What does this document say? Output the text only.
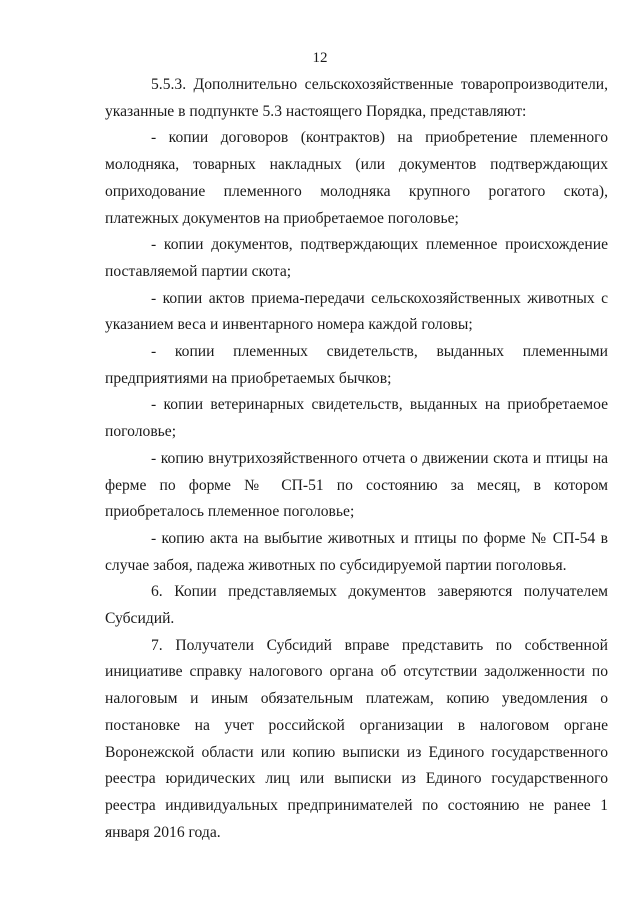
12

5.5.3. Дополнительно сельскохозяйственные товаропроизводители, указанные в подпункте 5.3 настоящего Порядка, представляют:

- копии договоров (контрактов) на приобретение племенного молодняка, товарных накладных (или документов подтверждающих оприходование племенного молодняка крупного рогатого скота), платежных документов на приобретаемое поголовье;

- копии документов, подтверждающих племенное происхождение поставляемой партии скота;

- копии актов приема-передачи сельскохозяйственных животных с указанием веса и инвентарного номера каждой головы;

- копии племенных свидетельств, выданных племенными предприятиями на приобретаемых бычков;

- копии ветеринарных свидетельств, выданных на приобретаемое поголовье;

- копию внутрихозяйственного отчета о движении скота и птицы на ферме по форме № СП-51 по состоянию за месяц, в котором приобреталось племенное поголовье;

- копию акта на выбытие животных и птицы по форме № СП-54 в случае забоя, падежа животных по субсидируемой партии поголовья.

6. Копии представляемых документов заверяются получателем Субсидий.

7. Получатели Субсидий вправе представить по собственной инициативе справку налогового органа об отсутствии задолженности по налоговым и иным обязательным платежам, копию уведомления о постановке на учет российской организации в налоговом органе Воронежской области или копию выписки из Единого государственного реестра юридических лиц или выписки из Единого государственного реестра индивидуальных предпринимателей по состоянию не ранее 1 января 2016 года.
